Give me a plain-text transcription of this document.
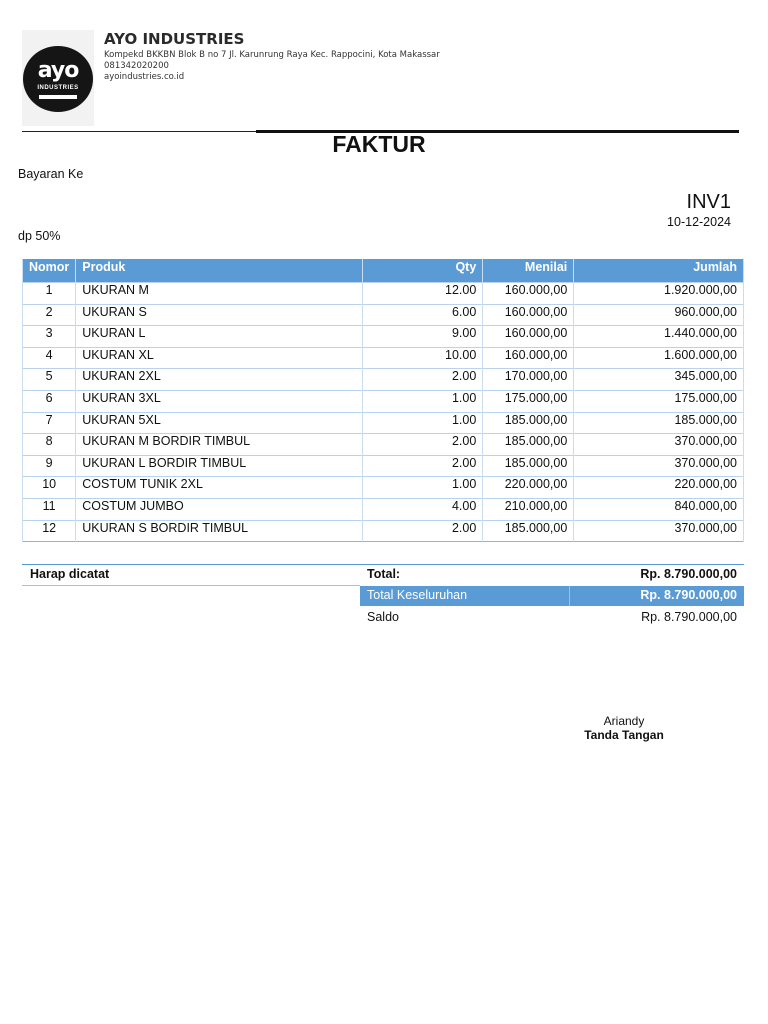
ayo
INDUSTRIES
AYO INDUSTRIES
Kompekd BKKBN Blok B no 7 Jl. Karunrung Raya Kec. Rappocini, Kota Makassar
081342020200
ayoindustries.co.id
FAKTUR
Bayaran Ke
INV1
10-12-2024
dp 50%
Nomor	Produk	Qty	Menilai	Jumlah
1	UKURAN M	12.00	160.000,00	1.920.000,00
2	UKURAN S	6.00	160.000,00	960.000,00
3	UKURAN L	9.00	160.000,00	1.440.000,00
4	UKURAN XL	10.00	160.000,00	1.600.000,00
5	UKURAN 2XL	2.00	170.000,00	345.000,00
6	UKURAN 3XL	1.00	175.000,00	175.000,00
7	UKURAN 5XL	1.00	185.000,00	185.000,00
8	UKURAN M BORDIR TIMBUL	2.00	185.000,00	370.000,00
9	UKURAN L BORDIR TIMBUL	2.00	185.000,00	370.000,00
10	COSTUM TUNIK 2XL	1.00	220.000,00	220.000,00
11	COSTUM JUMBO	4.00	210.000,00	840.000,00
12	UKURAN S BORDIR TIMBUL	2.00	185.000,00	370.000,00
Harap dicatat	Total:	Rp. 8.790.000,00
Total Keseluruhan	Rp. 8.790.000,00
Saldo	Rp. 8.790.000,00
Ariandy
Tanda Tangan
